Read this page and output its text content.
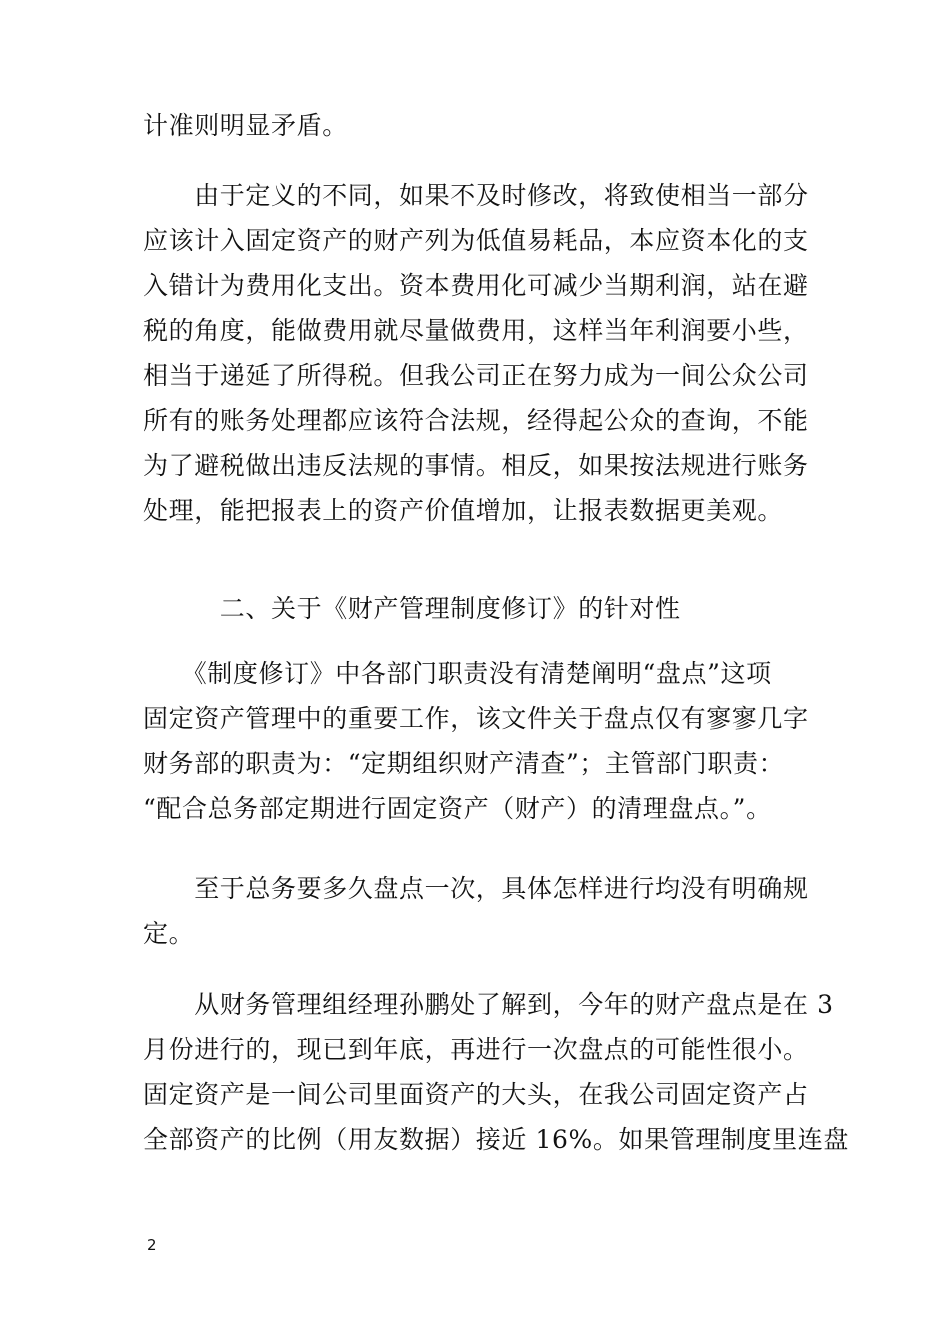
计准则明显矛盾。
　　由于定义的不同，如果不及时修改，将致使相当一部分
应该计入固定资产的财产列为低值易耗品，本应资本化的支
入错计为费用化支出。资本费用化可减少当期利润，站在避
税的角度，能做费用就尽量做费用，这样当年利润要小些，
相当于递延了所得税。但我公司正在努力成为一间公众公司
所有的账务处理都应该符合法规，经得起公众的查询，不能
为了避税做出违反法规的事情。相反，如果按法规进行账务
处理，能把报表上的资产价值增加，让报表数据更美观。
　　　二、关于《财产管理制度修订》的针对性
　　《制度修订》中各部门职责没有清楚阐明“盘点”这项
固定资产管理中的重要工作，该文件关于盘点仅有寥寥几字
财务部的职责为：“定期组织财产清查”；主管部门职责：
“配合总务部定期进行固定资产（财产）的清理盘点。”。
　　至于总务要多久盘点一次，具体怎样进行均没有明确规
定。
　　从财务管理组经理孙鹏处了解到，今年的财产盘点是在 3
月份进行的，现已到年底，再进行一次盘点的可能性很小。
固定资产是一间公司里面资产的大头，在我公司固定资产占
全部资产的比例（用友数据）接近 16%。如果管理制度里连盘
2
